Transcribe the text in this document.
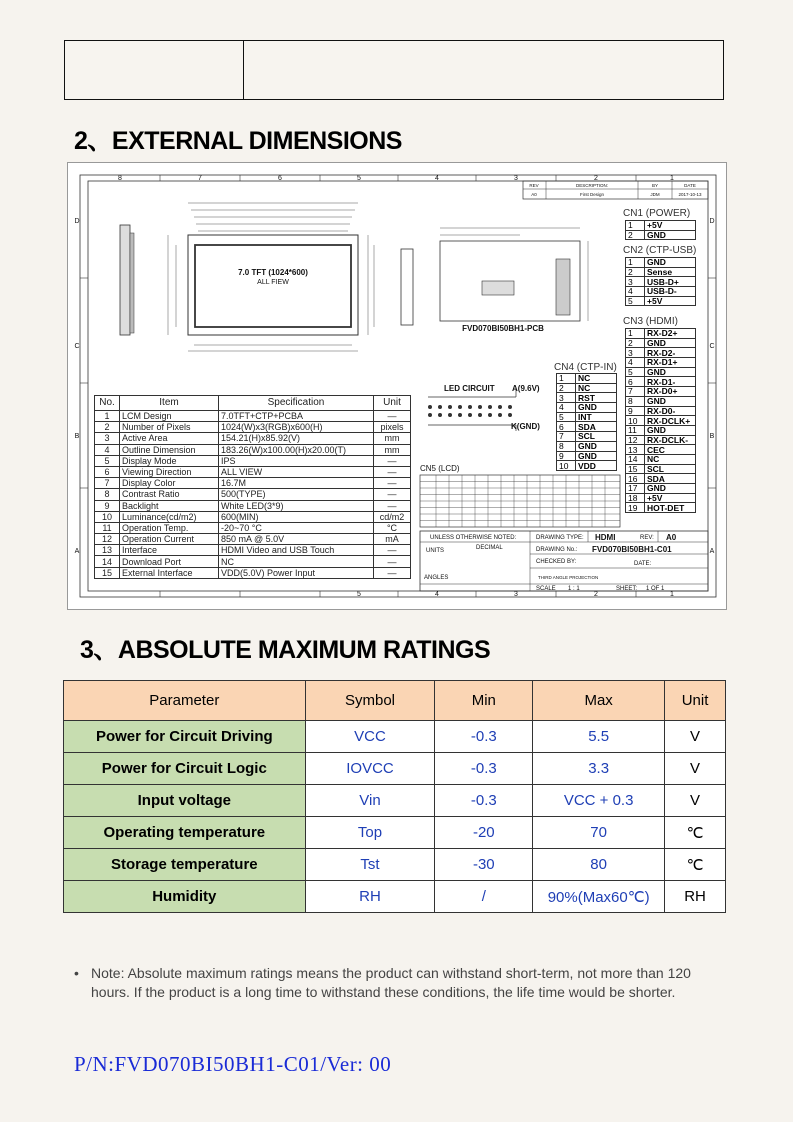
2、EXTERNAL DIMENSIONS
7.0 TFT (1024*600)
ALL FIEW
FVD070BI50BH1-PCB
LED CIRCUIT A(9.6V)
K(GND)
CN5 (LCD)
UNLESS OTHERWISE NOTED:	DRAWING TYPE: HDMI	REV: A0
UNITS	DECIMAL	DRAWING No.: FVD070BI50BH1-C01
CHECKED BY:	DATE:
ANGLES	THIRD ANGLE PROJECTION
SCALE 1 : 1	SHEET: 1 OF 1
8	7	6	5	4	3	2	1
5	4	3	2	1
D	D
C	C
B	B
A	A
REV	DESCRIPTION:	BY	DATE
A0	First Design	JDM	2017-10-13
No.	Item	Specification	Unit
1	LCM Design	7.0TFT+CTP+PCBA	—
2	Number of Pixels	1024(W)x3(RGB)x600(H)	pixels
3	Active Area	154.21(H)x85.92(V)	mm
4	Outline Dimension	183.26(W)x100.00(H)x20.00(T)	mm
5	Display Mode	IPS	—
6	Viewing Direction	ALL VIEW	—
7	Display Color	16.7M	—
8	Contrast Ratio	500(TYPE)	—
9	Backlight	White LED(3*9)	—
10	Luminance(cd/m2)	600(MIN)	cd/m2
11	Operation Temp.	-20~70 °C	°C
12	Operation Current	850 mA @ 5.0V	mA
13	Interface	HDMI Video and USB Touch	—
14	Download Port	NC	—
15	External Interface	VDD(5.0V) Power Input	—
CN1 (POWER)
1	+5V
2	GND
CN2 (CTP-USB)
1	GND
2	Sense
3	USB-D+
4	USB-D-
5	+5V
CN3 (HDMI)
1	RX-D2+
2	GND
3	RX-D2-
4	RX-D1+
5	GND
6	RX-D1-
7	RX-D0+
8	GND
9	RX-D0-
10	RX-DCLK+
11	GND
12	RX-DCLK-
13	CEC
14	NC
15	SCL
16	SDA
17	GND
18	+5V
19	HOT-DET
CN4 (CTP-IN)
1	NC
2	NC
3	RST
4	GND
5	INT
6	SDA
7	SCL
8	GND
9	GND
10	VDD
3、ABSOLUTE MAXIMUM RATINGS
Parameter	Symbol	Min	Max	Unit
Power for Circuit Driving	VCC	-0.3	5.5	V
Power for Circuit Logic	IOVCC	-0.3	3.3	V
Input voltage	Vin	-0.3	VCC + 0.3	V
Operating temperature	Top	-20	70	℃
Storage temperature	Tst	-30	80	℃
Humidity	RH	/	90%(Max60℃)	RH
• Note: Absolute maximum ratings means the product can withstand short-term, not more than 120 hours. If the product is a long time to withstand these conditions, the life time would be shorter.
P/N:FVD070BI50BH1-C01/Ver: 00
